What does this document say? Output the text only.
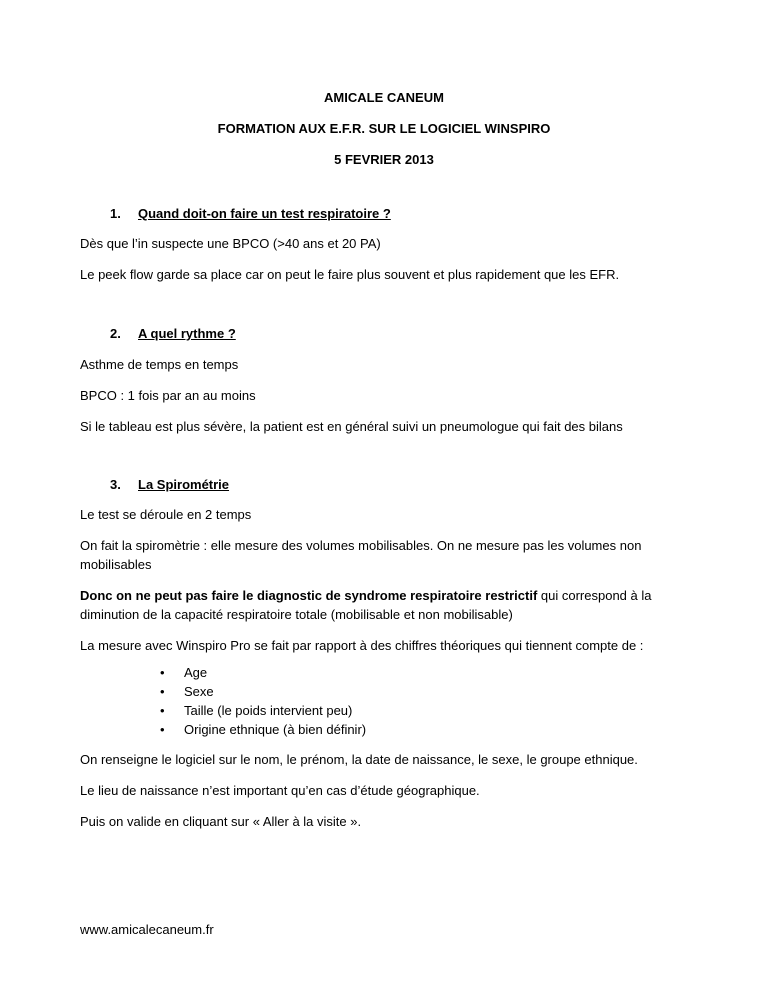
AMICALE CANEUM
FORMATION AUX E.F.R. SUR LE LOGICIEL WINSPIRO
5 FEVRIER 2013
1. Quand doit-on faire un test respiratoire ?
Dès que l’in suspecte une BPCO (>40 ans et 20 PA)
Le peek flow garde sa place car on peut le faire plus souvent et plus rapidement que les EFR.
2. A quel rythme ?
Asthme de temps en temps
BPCO : 1 fois par an au moins
Si le tableau est plus sévère, la patient est en général suivi un pneumologue qui fait des bilans
3. La Spirométrie
Le test se déroule en 2 temps
On fait la spiromètrie : elle mesure des volumes mobilisables. On ne mesure pas les volumes non mobilisables
Donc on ne peut pas faire le diagnostic de syndrome respiratoire restrictif qui correspond à la diminution de la capacité respiratoire totale (mobilisable et non mobilisable)
La mesure avec Winspiro Pro se fait par rapport à des chiffres théoriques qui tiennent compte de :
• Age
• Sexe
• Taille (le poids intervient peu)
• Origine ethnique (à bien définir)
On renseigne le logiciel sur le nom, le prénom, la date de naissance, le sexe, le groupe ethnique.
Le lieu de naissance n’est important qu’en cas d’étude géographique.
Puis on valide en cliquant sur « Aller à la visite ».
www.amicalecaneum.fr
